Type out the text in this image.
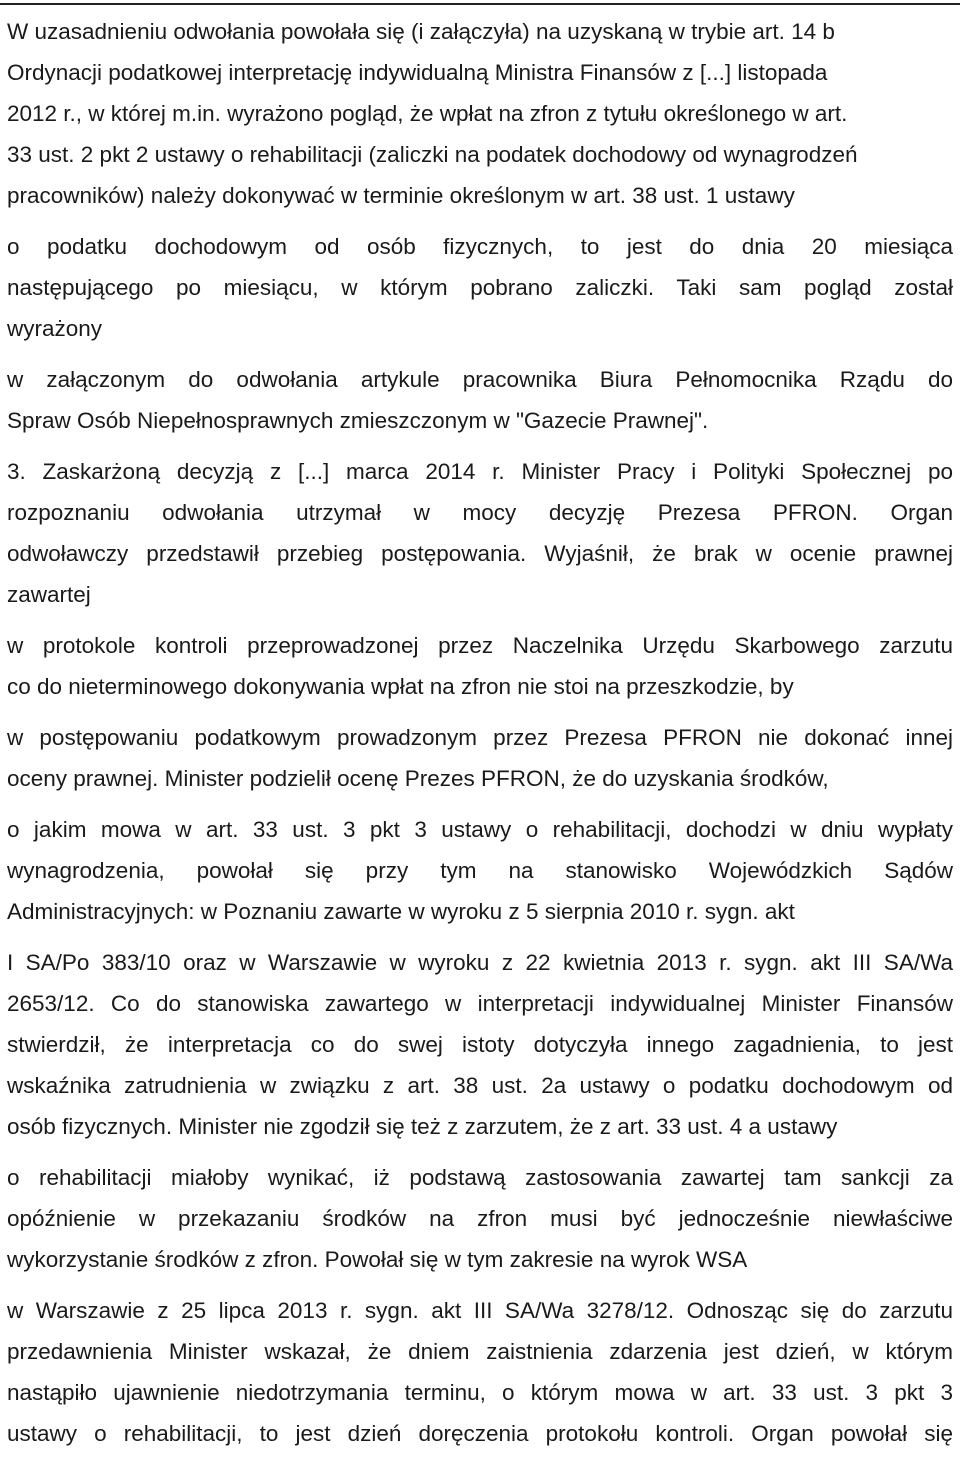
W uzasadnieniu odwołania powołała się (i załączyła) na uzyskaną w trybie art. 14 b
Ordynacji podatkowej interpretację indywidualną Ministra Finansów z [...] listopada
2012 r., w której m.in. wyrażono pogląd, że wpłat na zfron z tytułu określonego w art.
33 ust. 2 pkt 2 ustawy o rehabilitacji (zaliczki na podatek dochodowy od wynagrodzeń
pracowników) należy dokonywać w terminie określonym w art. 38 ust. 1 ustawy
o podatku dochodowym od osób fizycznych, to jest do dnia 20 miesiąca
następującego po miesiącu, w którym pobrano zaliczki. Taki sam pogląd został
wyrażony
w załączonym do odwołania artykule pracownika Biura Pełnomocnika Rządu do
Spraw Osób Niepełnosprawnych zmieszczonym w "Gazecie Prawnej".
3. Zaskarżoną decyzją z [...] marca 2014 r. Minister Pracy i Polityki Społecznej po
rozpoznaniu odwołania utrzymał w mocy decyzję Prezesa PFRON. Organ
odwoławczy przedstawił przebieg postępowania. Wyjaśnił, że brak w ocenie prawnej
zawartej
w protokole kontroli przeprowadzonej przez Naczelnika Urzędu Skarbowego zarzutu
co do nieterminowego dokonywania wpłat na zfron nie stoi na przeszkodzie, by
w postępowaniu podatkowym prowadzonym przez Prezesa PFRON nie dokonać innej
oceny prawnej. Minister podzielił ocenę Prezes PFRON, że do uzyskania środków,
o jakim mowa w art. 33 ust. 3 pkt 3 ustawy o rehabilitacji, dochodzi w dniu wypłaty
wynagrodzenia, powołał się przy tym na stanowisko Wojewódzkich Sądów
Administracyjnych: w Poznaniu zawarte w wyroku z 5 sierpnia 2010 r. sygn. akt
I SA/Po 383/10 oraz w Warszawie w wyroku z 22 kwietnia 2013 r. sygn. akt III SA/Wa
2653/12. Co do stanowiska zawartego w interpretacji indywidualnej Minister Finansów
stwierdził, że interpretacja co do swej istoty dotyczyła innego zagadnienia, to jest
wskaźnika zatrudnienia w związku z art. 38 ust. 2a ustawy o podatku dochodowym od
osób fizycznych. Minister nie zgodził się też z zarzutem, że z art. 33 ust. 4 a ustawy
o rehabilitacji miałoby wynikać, iż podstawą zastosowania zawartej tam sankcji za
opóźnienie w przekazaniu środków na zfron musi być jednocześnie niewłaściwe
wykorzystanie środków z zfron. Powołał się w tym zakresie na wyrok WSA
w Warszawie z 25 lipca 2013 r. sygn. akt III SA/Wa 3278/12. Odnosząc się do zarzutu
przedawnienia Minister wskazał, że dniem zaistnienia zdarzenia jest dzień, w którym
nastąpiło ujawnienie niedotrzymania terminu, o którym mowa w art. 33 ust. 3 pkt 3
ustawy o rehabilitacji, to jest dzień doręczenia protokołu kontroli. Organ powołał się
